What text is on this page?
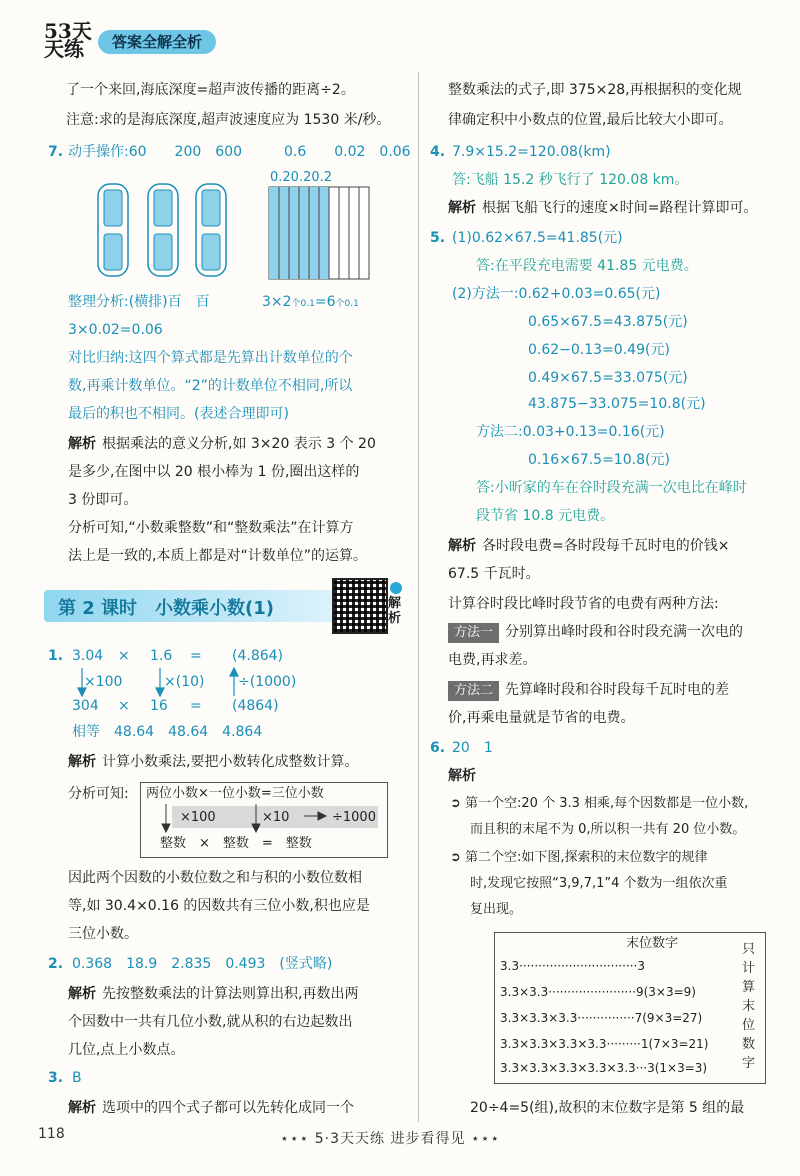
53天天练	答案全解全析
了一个来回,海底深度=超声波传播的距离÷2。
注意:求的是海底深度,超声波速度应为 1530 米/秒。
7. 动手操作:60　　200　600　　　0.6　　0.02　0.06
0.20.20.2
整理分析:(横排)百　百	3×2个0.1=6个0.1
3×0.02=0.06
对比归纳:这四个算式都是先算出计数单位的个
数,再乘计数单位。“2”的计数单位不相同,所以
最后的积也不相同。(表述合理即可)
解析 根据乘法的意义分析,如 3×20 表示 3 个 20
是多少,在图中以 20 根小棒为 1 份,圈出这样的
3 份即可。
分析可知,“小数乘整数”和“整数乘法”在计算方
法上是一致的,本质上都是对“计数单位”的运算。
第 2 课时　小数乘小数(1)	解析
1. 3.04 × 1.6 = (4.864)
×100	×(10) ÷(1000)
304 × 16 = (4864)
相等　48.64　48.64　4.864
解析 计算小数乘法,要把小数转化成整数计算。
分析可知: 两位小数×一位小数=三位小数
×100	×10	÷1000
整数　×　整数　=　整数
因此两个因数的小数位数之和与积的小数位数相
等,如 30.4×0.16 的因数共有三位小数,积也应是
三位小数。
2. 0.368　18.9　2.835　0.493　(竖式略)
解析 先按整数乘法的计算法则算出积,再数出两
个因数中一共有几位小数,就从积的右边起数出
几位,点上小数点。
3. B
解析 选项中的四个式子都可以先转化成同一个
整数乘法的式子,即 375×28,再根据积的变化规
律确定积中小数点的位置,最后比较大小即可。
4. 7.9×15.2=120.08(km)
答:飞船 15.2 秒飞行了 120.08 km。
解析 根据飞船飞行的速度×时间=路程计算即可。
5. (1)0.62×67.5=41.85(元)
答:在平段充电需要 41.85 元电费。
(2)方法一:0.62+0.03=0.65(元)
0.65×67.5=43.875(元)
0.62−0.13=0.49(元)
0.49×67.5=33.075(元)
43.875−33.075=10.8(元)
方法二:0.03+0.13=0.16(元)
0.16×67.5=10.8(元)
答:小昕家的车在谷时段充满一次电比在峰时
段节省 10.8 元电费。
解析 各时段电费=各时段每千瓦时电的价钱×
67.5 千瓦时。
计算谷时段比峰时段节省的电费有两种方法:
方法一 分别算出峰时段和谷时段充满一次电的
电费,再求差。
方法二 先算峰时段和谷时段每千瓦时电的差
价,再乘电量就是节省的电费。
6. 20　1
解析
➲ 第一个空:20 个 3.3 相乘,每个因数都是一位小数,
而且积的末尾不为 0,所以积一共有 20 位小数。
➲ 第二个空:如下图,探索积的末位数字的规律
时,发现它按照“3,9,7,1”4 个数为一组依次重
复出现。
末位数字	只计算末位数字
3.3·······························3
3.3×3.3·······················9(3×3=9)
3.3×3.3×3.3···············7(9×3=27)
3.3×3.3×3.3×3.3·········1(7×3=21)
3.3×3.3×3.3×3.3×3.3···3(1×3=3)
20÷4=5(组),故积的末位数字是第 5 组的最
118	⋆⋆⋆ 5·3天天练 进步看得见 ⋆⋆⋆
